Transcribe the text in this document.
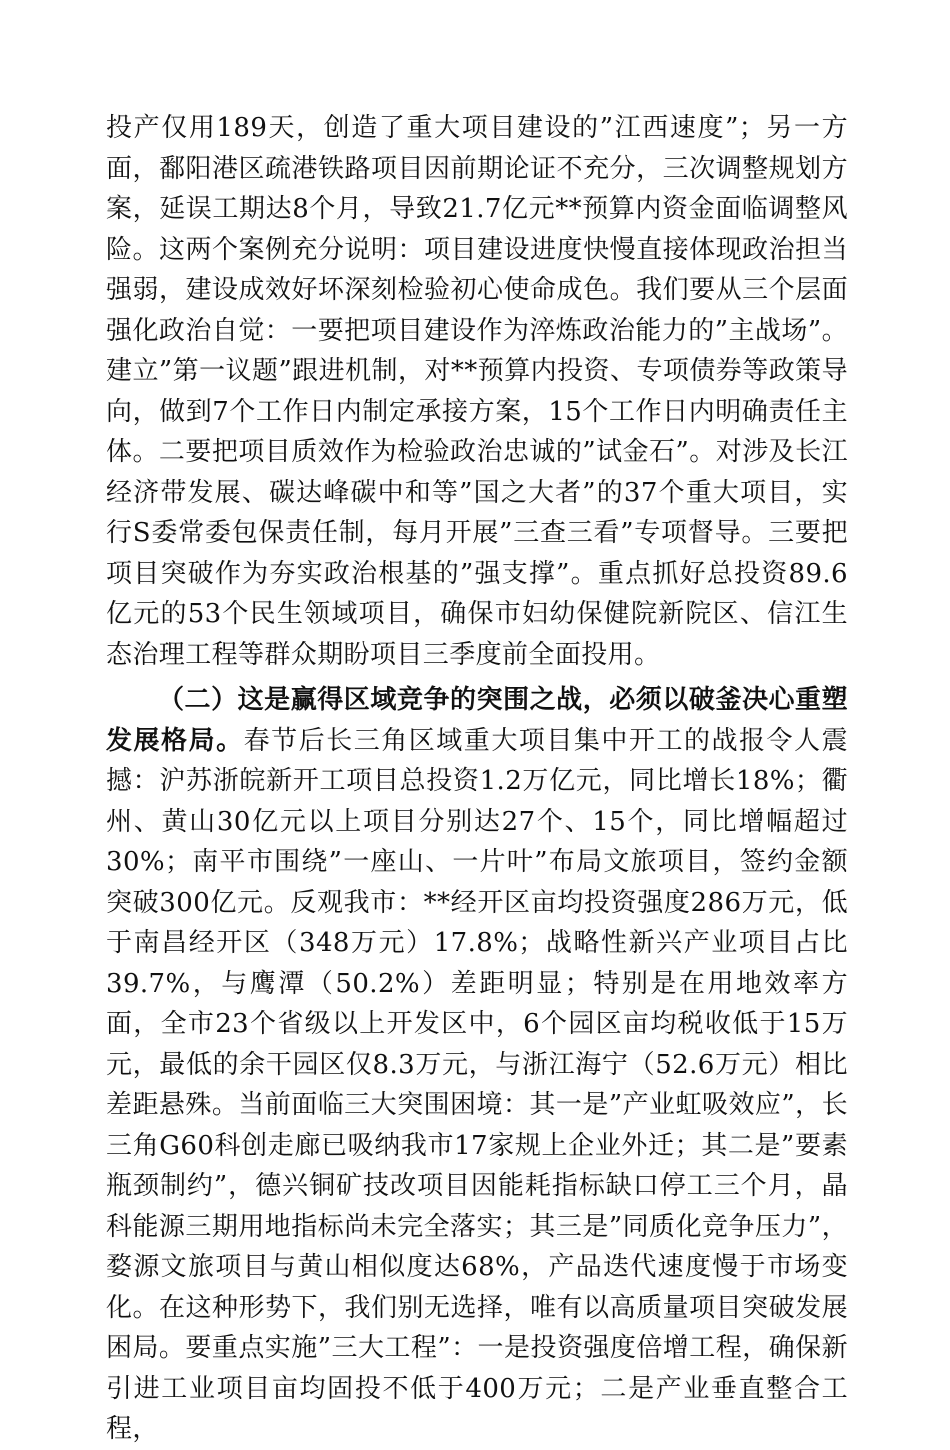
投产仅用189天，创造了重大项目建设的”江西速度”；另一方面，鄱阳港区疏港铁路项目因前期论证不充分，三次调整规划方案，延误工期达8个月，导致21.7亿元**预算内资金面临调整风险。这两个案例充分说明：项目建设进度快慢直接体现政治担当强弱，建设成效好坏深刻检验初心使命成色。我们要从三个层面强化政治自觉：一要把项目建设作为淬炼政治能力的”主战场”。建立”第一议题”跟进机制，对**预算内投资、专项债券等政策导向，做到7个工作日内制定承接方案，15个工作日内明确责任主体。二要把项目质效作为检验政治忠诚的”试金石”。对涉及长江经济带发展、碳达峰碳中和等”国之大者”的37个重大项目，实行S委常委包保责任制，每月开展”三查三看”专项督导。三要把项目突破作为夯实政治根基的”强支撑”。重点抓好总投资89.6亿元的53个民生领域项目，确保市妇幼保健院新院区、信江生态治理工程等群众期盼项目三季度前全面投用。

（二）这是赢得区域竞争的突围之战，必须以破釜决心重塑发展格局。春节后长三角区域重大项目集中开工的战报令人震撼：沪苏浙皖新开工项目总投资1.2万亿元，同比增长18%；衢州、黄山30亿元以上项目分别达27个、15个，同比增幅超过30%；南平市围绕”一座山、一片叶”布局文旅项目，签约金额突破300亿元。反观我市：**经开区亩均投资强度286万元，低于南昌经开区（348万元）17.8%；战略性新兴产业项目占比39.7%，与鹰潭（50.2%）差距明显；特别是在用地效率方面，全市23个省级以上开发区中，6个园区亩均税收低于15万元，最低的余干园区仅8.3万元，与浙江海宁（52.6万元）相比差距悬殊。当前面临三大突围困境：其一是”产业虹吸效应”，长三角G60科创走廊已吸纳我市17家规上企业外迁；其二是”要素瓶颈制约”，德兴铜矿技改项目因能耗指标缺口停工三个月，晶科能源三期用地指标尚未完全落实；其三是”同质化竞争压力”，婺源文旅项目与黄山相似度达68%，产品迭代速度慢于市场变化。在这种形势下，我们别无选择，唯有以高质量项目突破发展困局。要重点实施”三大工程”：一是投资强度倍增工程，确保新引进工业项目亩均固投不低于400万元；二是产业垂直整合工程，
